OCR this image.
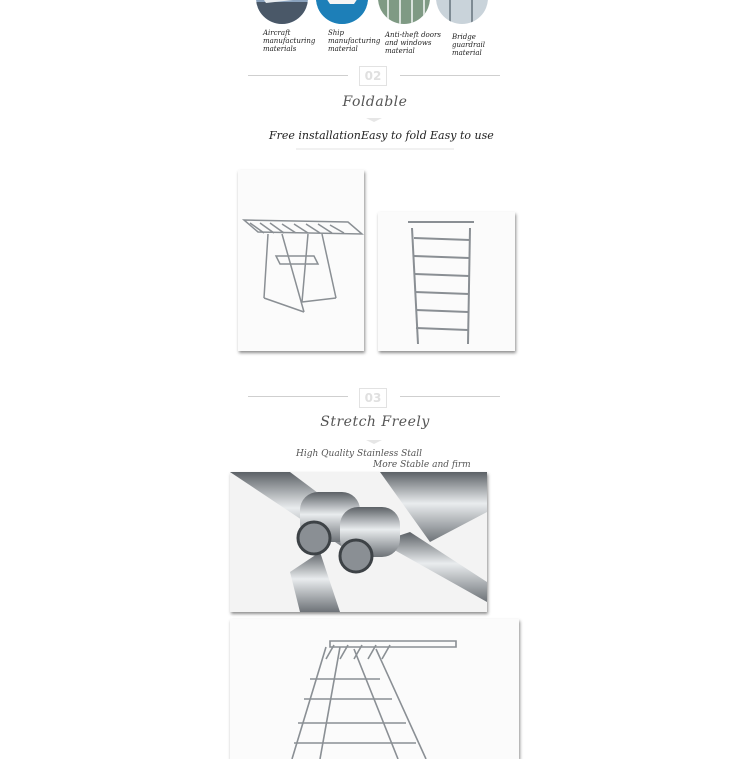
Aircraft manufacturing materials
Ship manufacturing material
Anti-theft doors and windows material
Bridge guardrail material
02
Foldable
Free installation Easy to fold Easy to use
03
Stretch Freely
High Quality Stainless Stall
More Stable and firm
